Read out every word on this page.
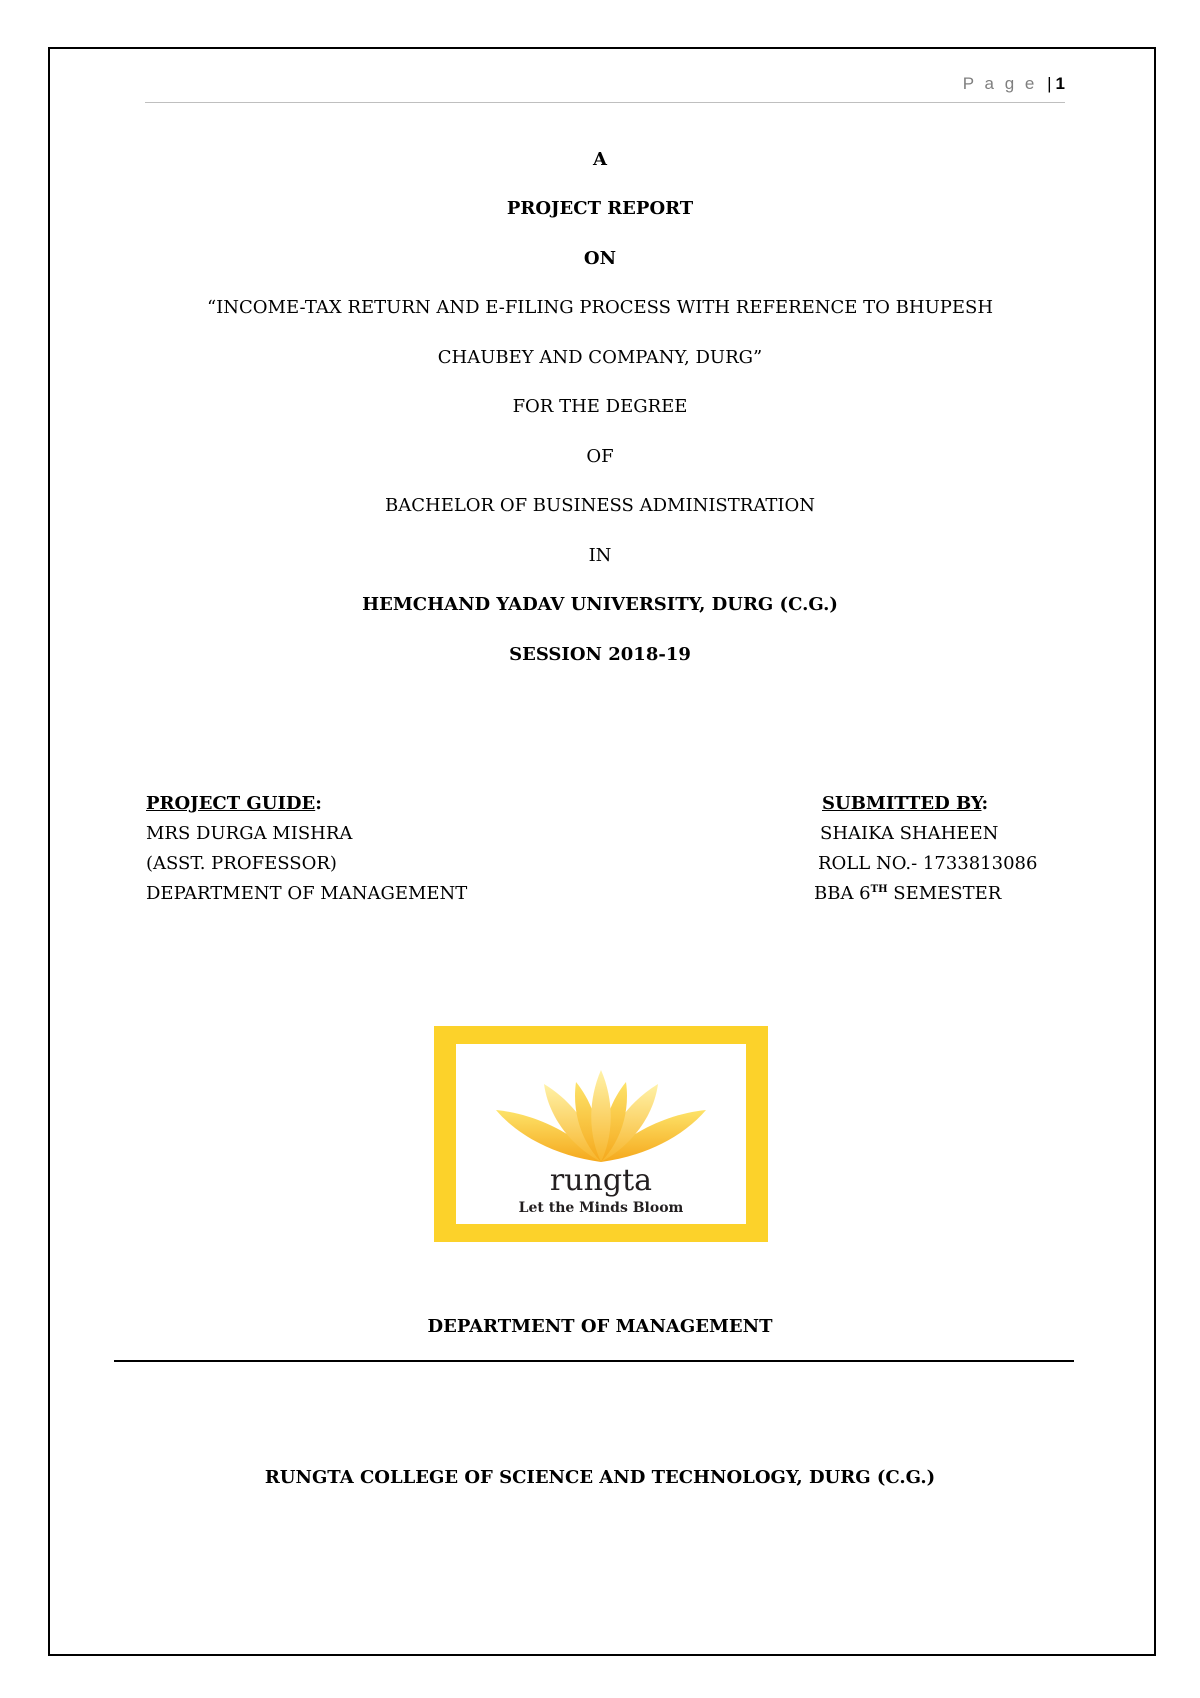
P a g e | 1
A
PROJECT REPORT
ON
“INCOME-TAX RETURN AND E-FILING PROCESS WITH REFERENCE TO BHUPESH
CHAUBEY AND COMPANY, DURG”
FOR THE DEGREE
OF
BACHELOR OF BUSINESS ADMINISTRATION
IN
HEMCHAND YADAV UNIVERSITY, DURG (C.G.)
SESSION 2018-19
PROJECT GUIDE:
MRS DURGA MISHRA
(ASST. PROFESSOR)
DEPARTMENT OF MANAGEMENT
SUBMITTED BY:
SHAIKA SHAHEEN
ROLL NO.- 1733813086
BBA 6TH SEMESTER
rungta
Let the Minds Bloom
DEPARTMENT OF MANAGEMENT
RUNGTA COLLEGE OF SCIENCE AND TECHNOLOGY, DURG (C.G.)
